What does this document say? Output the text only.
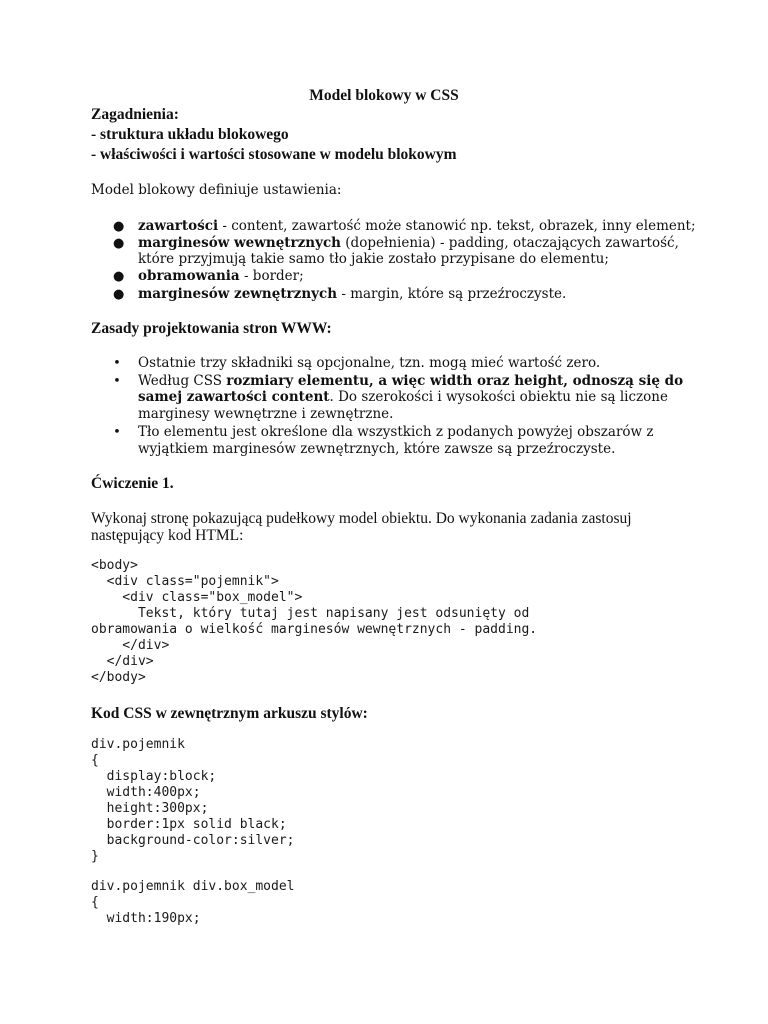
Model blokowy w CSS
Zagadnienia:
- struktura układu blokowego
- właściwości i wartości stosowane w modelu blokowym
Model blokowy definiuje ustawienia:
● zawartości - content, zawartość może stanowić np. tekst, obrazek, inny element;
● marginesów wewnętrznych (dopełnienia) - padding, otaczających zawartość,
które przyjmują takie samo tło jakie zostało przypisane do elementu;
● obramowania - border;
● marginesów zewnętrznych - margin, które są przeźroczyste.
Zasady projektowania stron WWW:
• Ostatnie trzy składniki są opcjonalne, tzn. mogą mieć wartość zero.
• Według CSS rozmiary elementu, a więc width oraz height, odnoszą się do
samej zawartości content. Do szerokości i wysokości obiektu nie są liczone
marginesy wewnętrzne i zewnętrzne.
• Tło elementu jest określone dla wszystkich z podanych powyżej obszarów z
wyjątkiem marginesów zewnętrznych, które zawsze są przeźroczyste.
Ćwiczenie 1.
Wykonaj stronę pokazującą pudełkowy model obiektu. Do wykonania zadania zastosuj
następujący kod HTML:
<body>
<div class="pojemnik">
<div class="box_model">
Tekst, który tutaj jest napisany jest odsunięty od
obramowania o wielkość marginesów wewnętrznych - padding.
</div>
</div>
</body>
Kod CSS w zewnętrznym arkuszu stylów:
div.pojemnik
{
display:block;
width:400px;
height:300px;
border:1px solid black;
background-color:silver;
}
div.pojemnik div.box_model
{
width:190px;
